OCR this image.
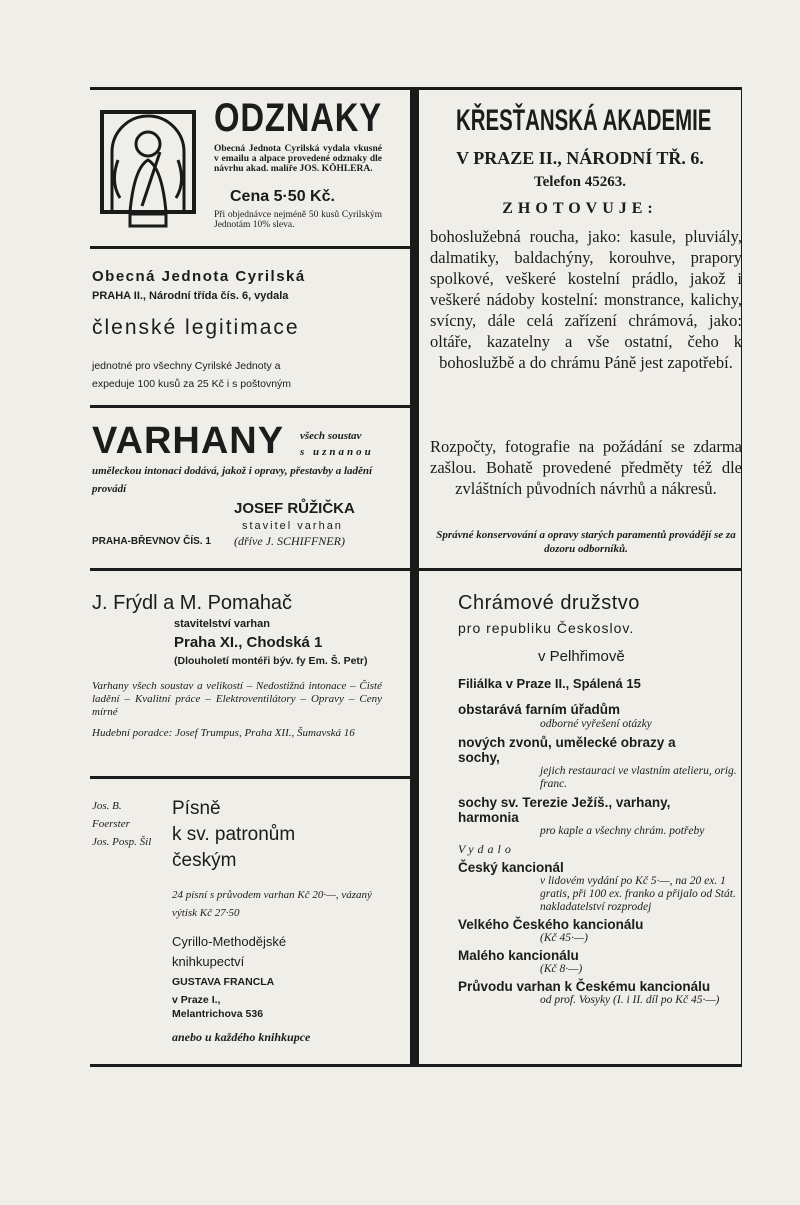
ODZNAKY

Obecná Jednota Cyrilská vydala vkusné v emailu a alpace provedené odznaky dle návrhu akad. malíře JOS. KÖHLERA.

Cena 5·50 Kč.

Při objednávce nejméně 50 kusů Cyrilským Jednotám 10% sleva.

Obecná Jednota Cyrilská
PRAHA II., Národní třída čís. 6, vydala
členské legitimace
jednotné pro všechny Cyrilské Jednoty a
expeduje 100 kusů za 25 Kč i s poštovným
VARHANY všech soustav
s uznanou

uměleckou intonaci dodává, jakož i opravy, přestavby a ladění provádí

JOSEF RŮŽIČKA
stavitel varhan
PRAHA-BŘEVNOV ČÍS. 1 (dříve J. SCHIFFNER)
J. Frýdl a M. Pomahač
stavitelství varhan
Praha XI., Chodská 1

(Dlouholetí montéři býv. fy Em. Š. Petr)

Varhany všech soustav a velikostí – Nedostižná intonace – Čisté ladění – Kvalitní práce – Elektroventilátory – Opravy – Ceny mírné

Hudební poradce: Josef Trumpus, Praha XII., Šumavská 16

Jos. B.
Foerster
Jos. Posp. Šil
Písně
k sv. patronům
českým

24 písní s průvodem varhan Kč 20·—, vázaný výtisk Kč 27·50

Cyrillo-Methodějské
knihkupectví
GUSTAVA FRANCLA
v Praze I.,
Melantrichova 536
anebo u každého knihkupce
KŘESŤANSKÁ AKADEMIE
V PRAZE II., NÁRODNÍ TŘ. 6.
Telefon 45263.
ZHOTOVUJE:

bohoslužebná roucha, jako: kasule, pluviály, dalmatiky, baldachýny, korouhve, prapory spolkové, veškeré kostelní prádlo, jakož i veškeré nádoby kostelní: monstrance, kalichy, svícny, dále celá zařízení chrámová, jako: oltáře, kazatelny a vše ostatní, čeho k bohoslužbě a do chrámu Páně jest zapotřebí.

Rozpočty, fotografie na požádání se zdarma zašlou. Bohatě provedené předměty též dle zvláštních původních návrhů a nákresů.

Správné konservování a opravy starých paramentů provádějí se za dozoru odborníků.

Chrámové družstvo
pro republiku Českoslov.
v Pelhřimově
Filiálka v Praze II., Spálená 15
obstarává farním úřadům
odborné vyřešení otázky
nových zvonů, umělecké obrazy a sochy,
jejich restauraci ve vlastním atelieru, orig. franc.
sochy sv. Terezie Ježíš., varhany, harmonia
pro kaple a všechny chrám. potřeby
Vydalo
Český kancionál
v lidovém vydání po Kč 5·—, na 20 ex. 1 gratis, při 100 ex. franko a přijalo od Stát. nakladatelství rozprodej
Velkého Českého kancionálu
(Kč 45·—)
Malého kancionálu
(Kč 8·—)
Průvodu varhan k Českému kancionálu
od prof. Vosyky (I. i II. díl po Kč 45·—)
